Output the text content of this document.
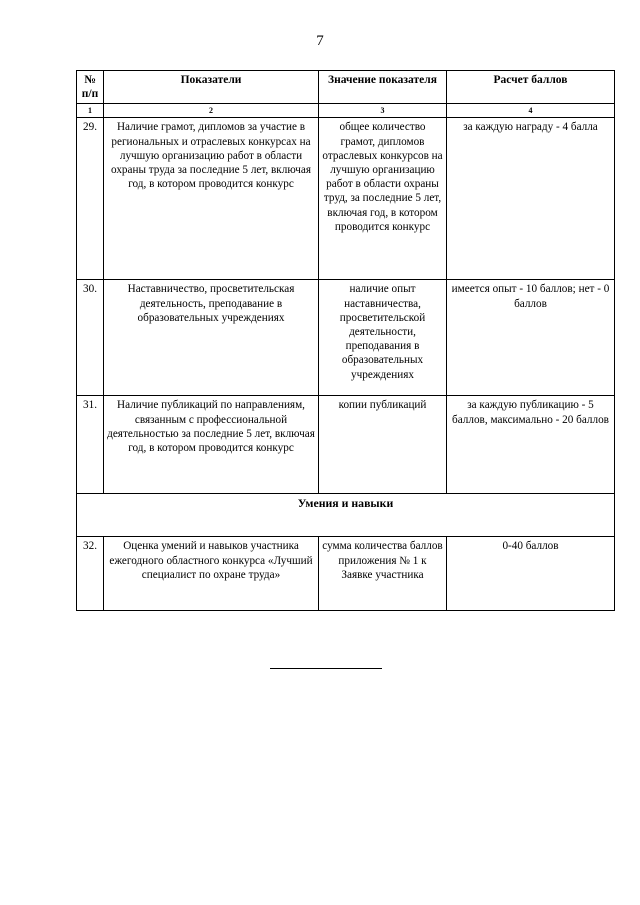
7
№ п/п	Показатели	Значение показателя	Расчет баллов
1	2	3	4
29.	Наличие грамот, дипломов за участие в региональных и отраслевых конкурсах на лучшую организацию работ в области охраны труда за последние 5 лет, включая год, в котором проводится конкурс	общее количество грамот, дипломов отраслевых конкурсов на лучшую организацию работ в области охраны труд, за последние 5 лет, включая год, в котором проводится конкурс	за каждую награду - 4 балла
30.	Наставничество, просветительская деятельность, преподавание в образовательных учреждениях	наличие опыт наставничества, просветительской деятельности, преподавания в образовательных учреждениях	имеется опыт - 10 баллов; нет - 0 баллов
31.	Наличие публикаций по направлениям, связанным с профессиональной деятельностью за последние 5 лет, включая год, в котором проводится конкурс	копии публикаций	за каждую публикацию - 5 баллов, максимально - 20 баллов
Умения и навыки			
32.	Оценка умений и навыков участника ежегодного областного конкурса «Лучший специалист по охране труда»	сумма количества баллов приложения № 1 к Заявке участника	0-40 баллов
